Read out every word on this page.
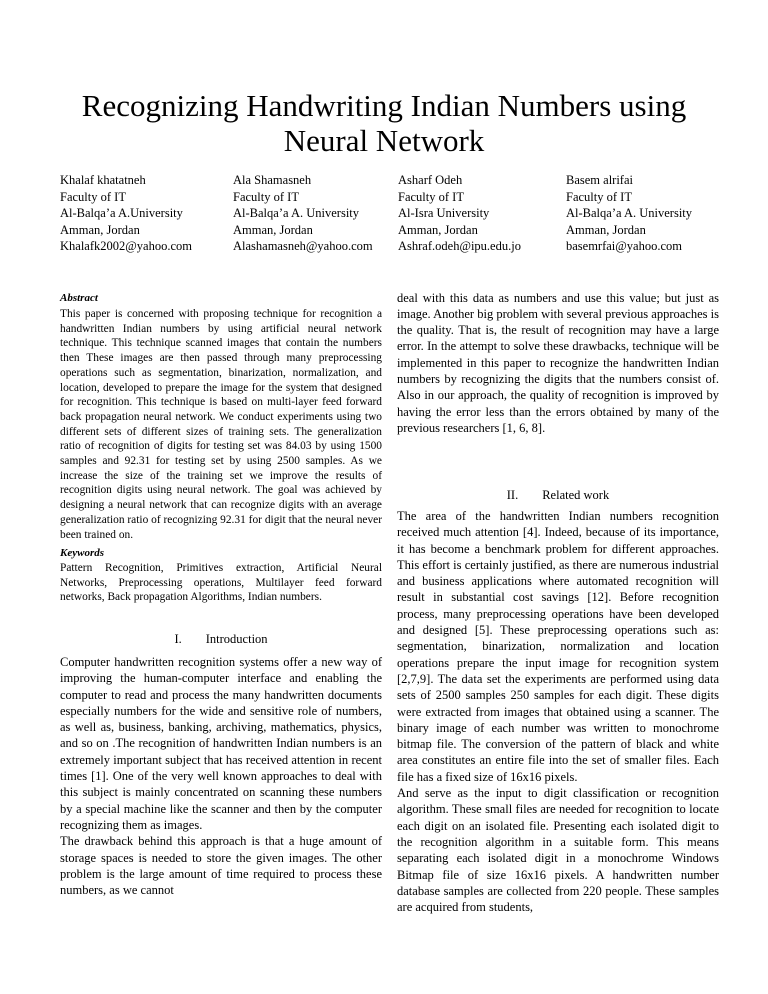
Recognizing Handwriting Indian Numbers using Neural Network
Khalaf khatatneh
Faculty of IT
Al-Balqa’a A.University
Amman, Jordan
Khalafk2002@yahoo.com
Ala Shamasneh
Faculty of IT
Al-Balqa’a A. University
Amman, Jordan
Alashamasneh@yahoo.com
Asharf Odeh
Faculty of IT
Al-Isra University
Amman, Jordan
Ashraf.odeh@ipu.edu.jo
Basem alrifai
Faculty of IT
Al-Balqa’a A. University
Amman, Jordan
basemrfai@yahoo.com
Abstract
This paper is concerned with proposing technique for recognition a handwritten Indian numbers by using artificial neural network technique. This technique scanned images that contain the numbers then These images are then passed through many preprocessing operations such as segmentation, binarization, normalization, and location, developed to prepare the image for the system that designed for recognition. This technique is based on multi-layer feed forward back propagation neural network. We conduct experiments using two different sets of different sizes of training sets. The generalization ratio of recognition of digits for testing set was 84.03 by using 1500 samples and 92.31 for testing set by using 2500 samples. As we increase the size of the training set we improve the results of recognition digits using neural network. The goal was achieved by designing a neural network that can recognize digits with an average generalization ratio of recognizing 92.31 for digit that the neural never been trained on.
Keywords
Pattern Recognition, Primitives extraction, Artificial Neural Networks, Preprocessing operations, Multilayer feed forward networks, Back propagation Algorithms, Indian numbers.
I. Introduction

Computer handwritten recognition systems offer a new way of improving the human-computer interface and enabling the computer to read and process the many handwritten documents especially numbers for the wide and sensitive role of numbers, as well as, business, banking, archiving, mathematics, physics, and so on .The recognition of handwritten Indian numbers is an extremely important subject that has received attention in recent times [1]. One of the very well known approaches to deal with this subject is mainly concentrated on scanning these numbers by a special machine like the scanner and then by the computer recognizing them as images.

The drawback behind this approach is that a huge amount of storage spaces is needed to store the given images. The other problem is the large amount of time required to process these numbers, as we cannot

deal with this data as numbers and use this value; but just as image. Another big problem with several previous approaches is the quality. That is, the result of recognition may have a large error. In the attempt to solve these drawbacks, technique will be implemented in this paper to recognize the handwritten Indian numbers by recognizing the digits that the numbers consist of. Also in our approach, the quality of recognition is improved by having the error less than the errors obtained by many of the previous researchers [1, 6, 8].

II. Related work

The area of the handwritten Indian numbers recognition received much attention [4]. Indeed, because of its importance, it has become a benchmark problem for different approaches. This effort is certainly justified, as there are numerous industrial and business applications where automated recognition will result in substantial cost savings [12]. Before recognition process, many preprocessing operations have been developed and designed [5]. These preprocessing operations such as: segmentation, binarization, normalization and location operations prepare the input image for recognition system [2,7,9]. The data set the experiments are performed using data sets of 2500 samples 250 samples for each digit. These digits were extracted from images that obtained using a scanner. The binary image of each number was written to monochrome bitmap file. The conversion of the pattern of black and white area constitutes an entire file into the set of smaller files. Each file has a fixed size of 16x16 pixels.

And serve as the input to digit classification or recognition algorithm. These small files are needed for recognition to locate each digit on an isolated file. Presenting each isolated digit to the recognition algorithm in a suitable form. This means separating each isolated digit in a monochrome Windows Bitmap file of size 16x16 pixels. A handwritten number database samples are collected from 220 people. These samples are acquired from students,
